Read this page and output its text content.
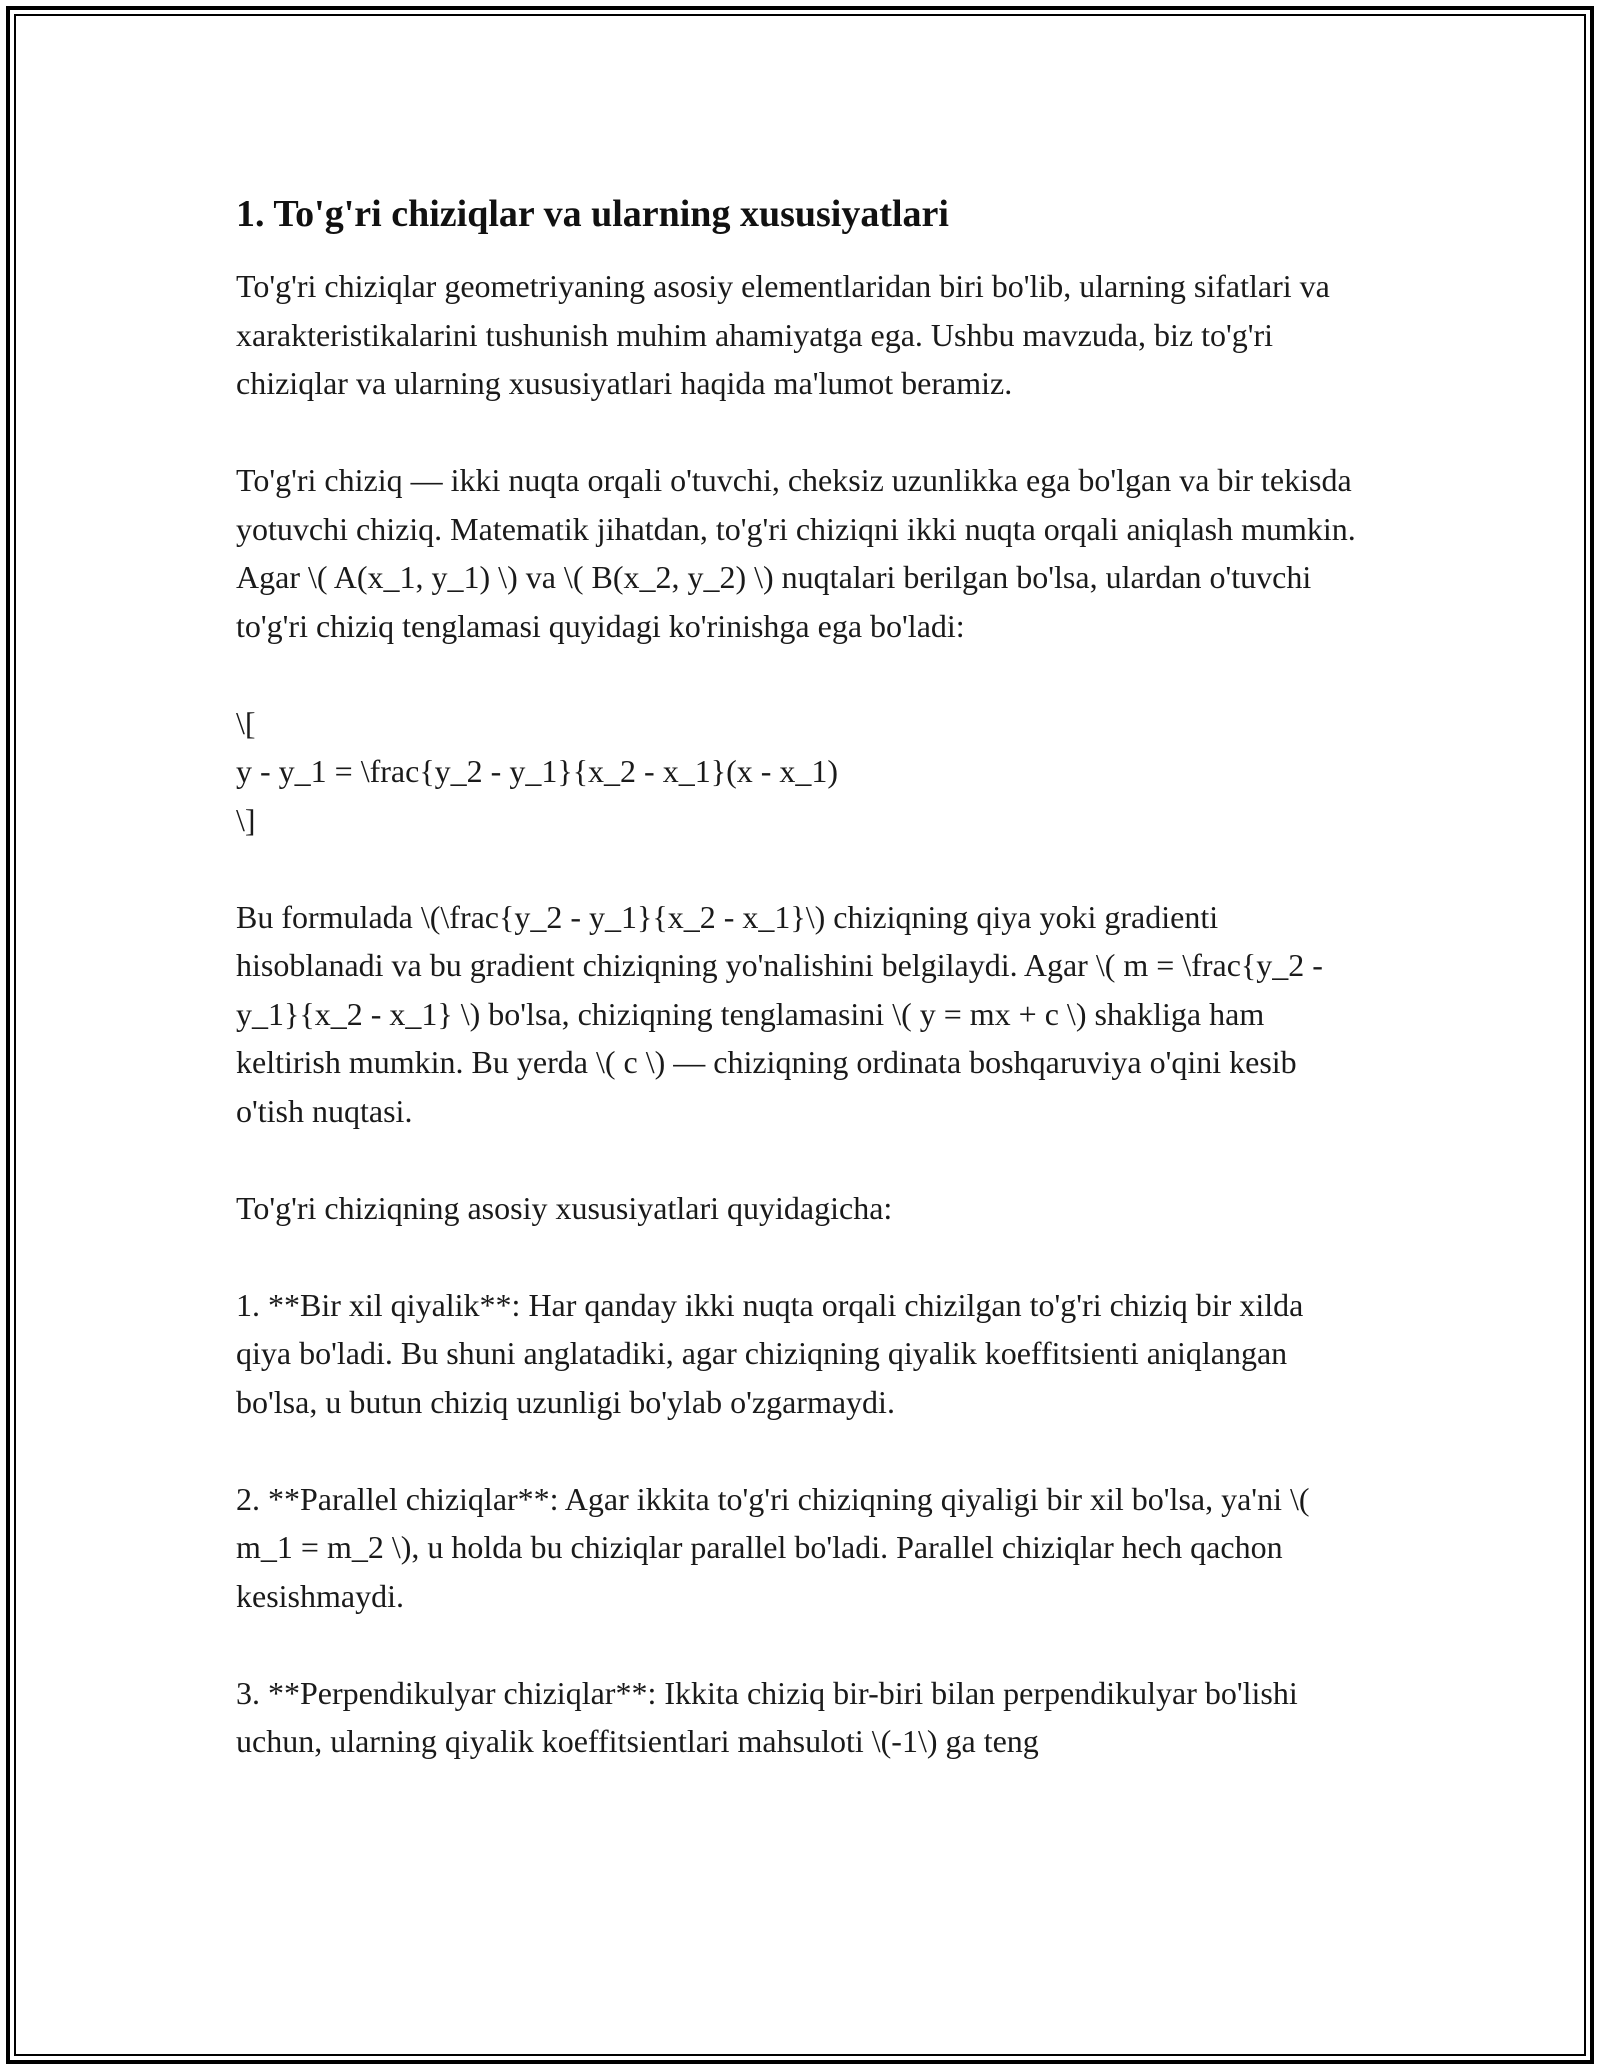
1. To'g'ri chiziqlar va ularning xususiyatlari

To'g'ri chiziqlar geometriyaning asosiy elementlaridan biri bo'lib, ularning sifatlari va xarakteristikalarini tushunish muhim ahamiyatga ega. Ushbu mavzuda, biz to'g'ri chiziqlar va ularning xususiyatlari haqida ma'lumot beramiz.

To'g'ri chiziq — ikki nuqta orqali o'tuvchi, cheksiz uzunlikka ega bo'lgan va bir tekisda yotuvchi chiziq. Matematik jihatdan, to'g'ri chiziqni ikki nuqta orqali aniqlash mumkin. Agar \( A(x_1, y_1) \) va \( B(x_2, y_2) \) nuqtalari berilgan bo'lsa, ulardan o'tuvchi to'g'ri chiziq tenglamasi quyidagi ko'rinishga ega bo'ladi:

\[
y - y_1 = \frac{y_2 - y_1}{x_2 - x_1}(x - x_1)
\]

Bu formulada \(\frac{y_2 - y_1}{x_2 - x_1}\) chiziqning qiya yoki gradienti hisoblanadi va bu gradient chiziqning yo'nalishini belgilaydi. Agar \( m = \frac{y_2 - y_1}{x_2 - x_1} \) bo'lsa, chiziqning tenglamasini \( y = mx + c \) shakliga ham keltirish mumkin. Bu yerda \( c \) — chiziqning ordinata boshqaruviya o'qini kesib o'tish nuqtasi.

To'g'ri chiziqning asosiy xususiyatlari quyidagicha:

1. **Bir xil qiyalik**: Har qanday ikki nuqta orqali chizilgan to'g'ri chiziq bir xilda qiya bo'ladi. Bu shuni anglatadiki, agar chiziqning qiyalik koeffitsienti aniqlangan bo'lsa, u butun chiziq uzunligi bo'ylab o'zgarmaydi.

2. **Parallel chiziqlar**: Agar ikkita to'g'ri chiziqning qiyaligi bir xil bo'lsa, ya'ni \( m_1 = m_2 \), u holda bu chiziqlar parallel bo'ladi. Parallel chiziqlar hech qachon kesishmaydi.

3. **Perpendikulyar chiziqlar**: Ikkita chiziq bir-biri bilan perpendikulyar bo'lishi uchun, ularning qiyalik koeffitsientlari mahsuloti \(-1\) ga teng
